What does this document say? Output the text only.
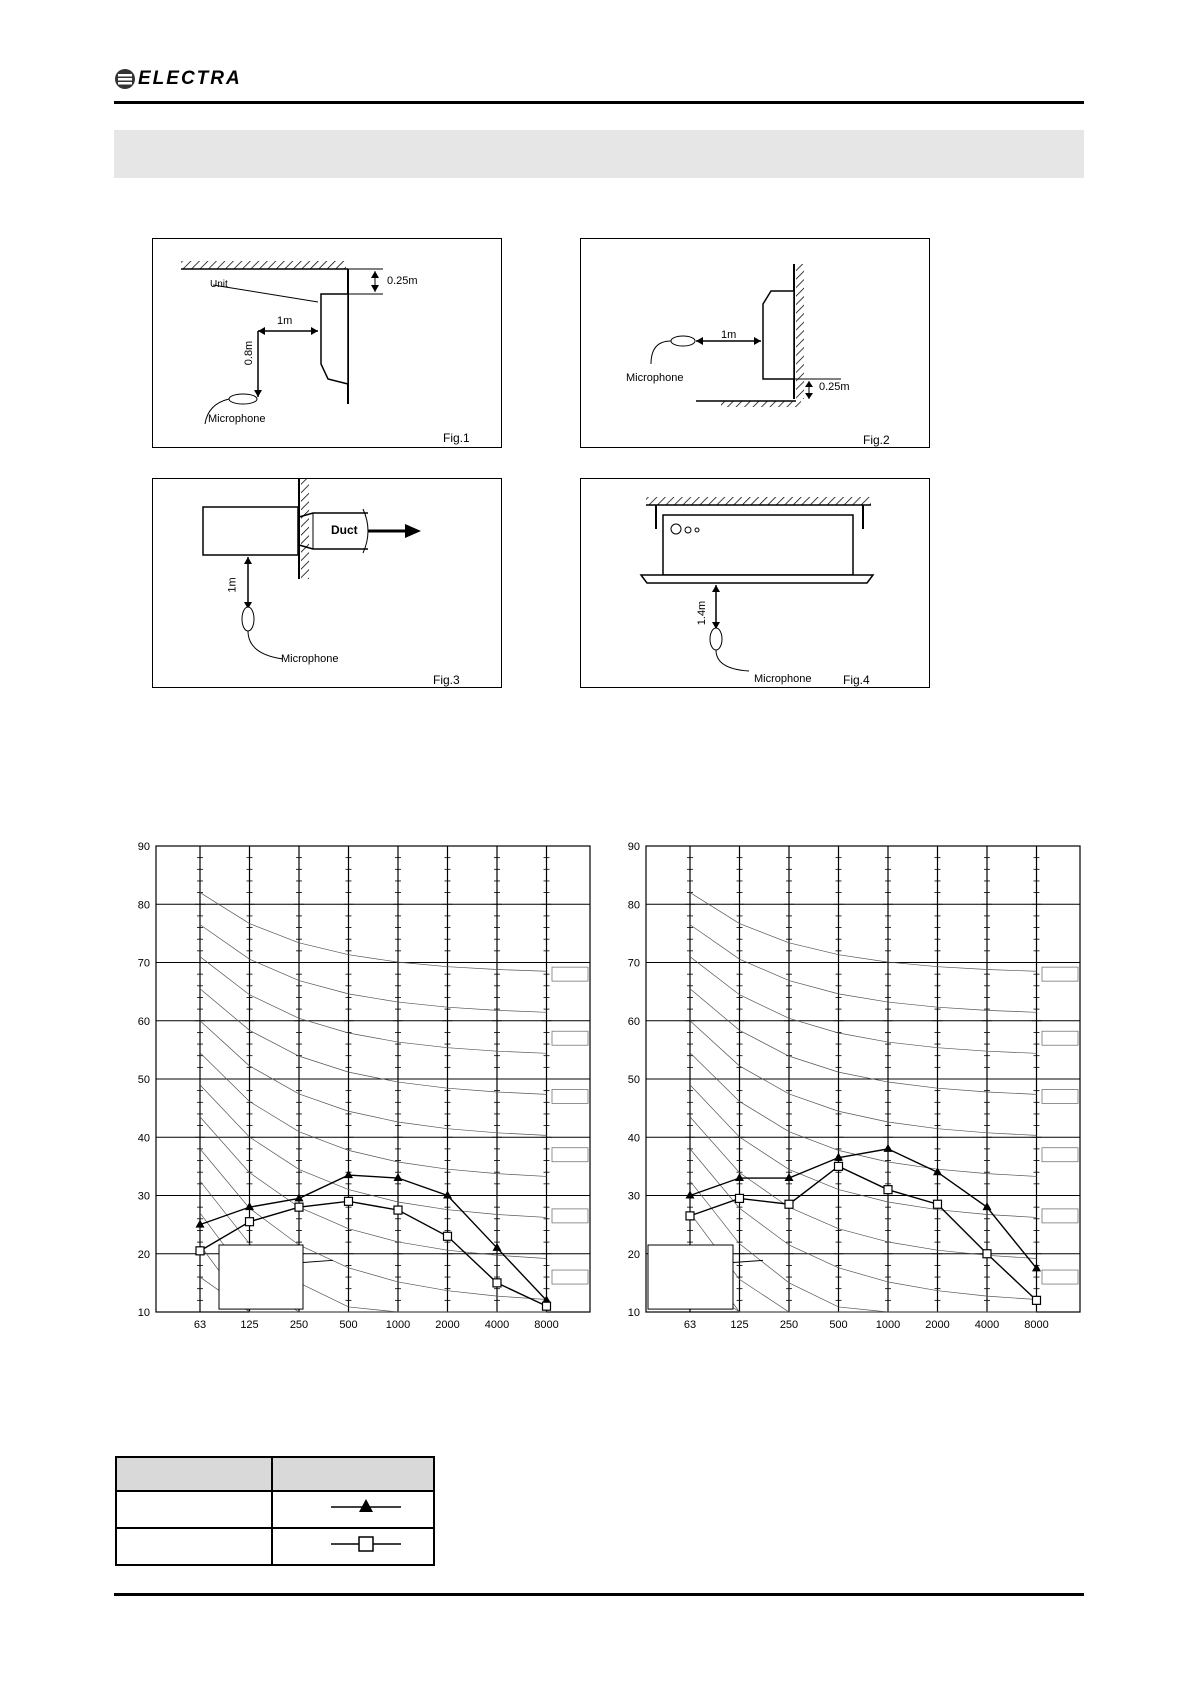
ELECTRA
Unit	0.25m
1m
0.8m
Microphone
Fig.1
1m
0.25m
Microphone
Fig.2
Duct
1m
Microphone
Fig.3
1.4m
Microphone	Fig.4
10
20
30
40
50
60
70
80
90
63	125	250	500	1000 2000 4000 8000
10
20
30
40
50
60
70
80
90
63	125	250	500	1000 2000 4000 8000
